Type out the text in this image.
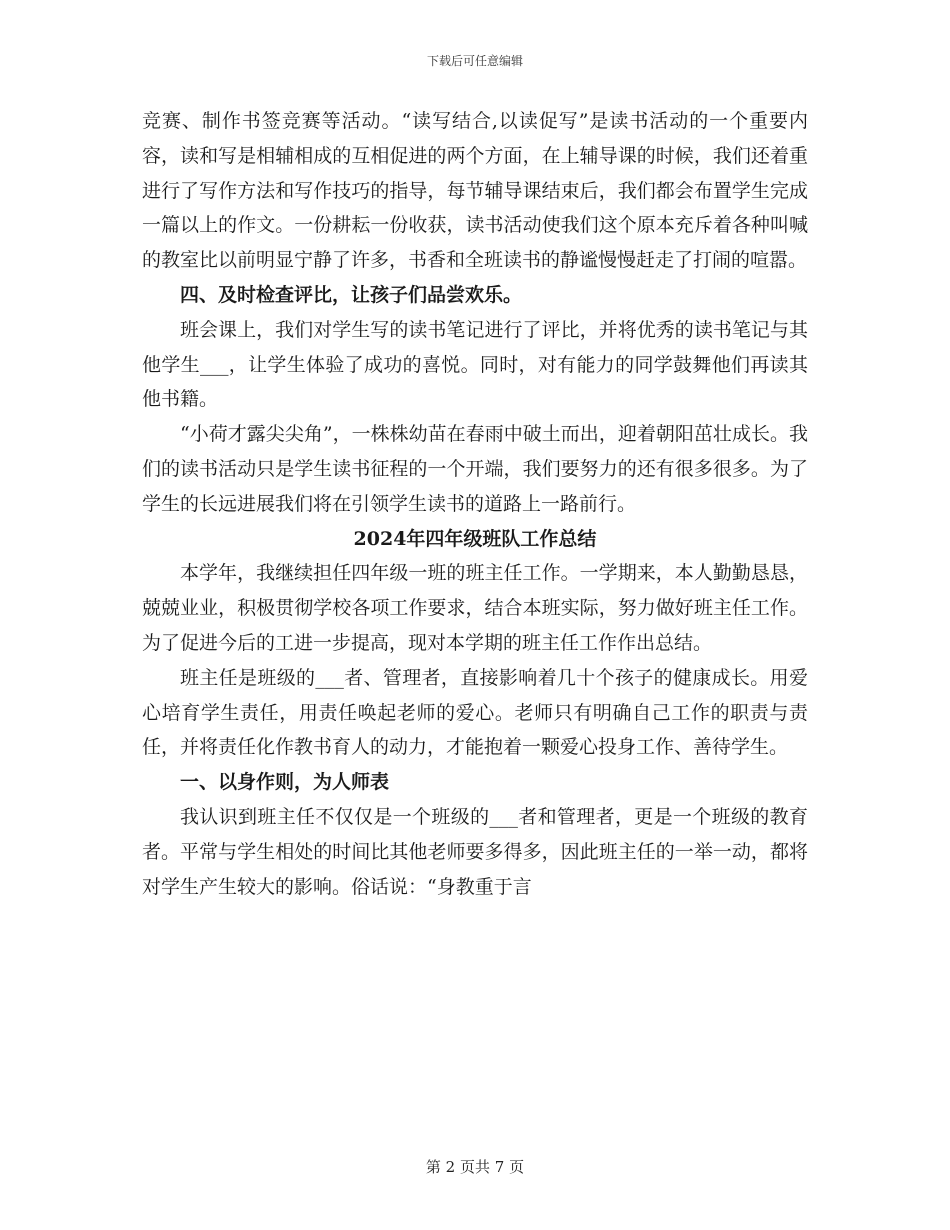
下载后可任意编辑

竞赛、制作书签竞赛等活动。“读写结合,以读促写”是读书活动的一个重要内容，读和写是相辅相成的互相促进的两个方面，在上辅导课的时候，我们还着重进行了写作方法和写作技巧的指导，每节辅导课结束后，我们都会布置学生完成一篇以上的作文。一份耕耘一份收获，读书活动使我们这个原本充斥着各种叫喊的教室比以前明显宁静了许多，书香和全班读书的静谧慢慢赶走了打闹的喧嚣。

四、及时检查评比，让孩子们品尝欢乐。

班会课上，我们对学生写的读书笔记进行了评比，并将优秀的读书笔记与其他学生___，让学生体验了成功的喜悦。同时，对有能力的同学鼓舞他们再读其他书籍。

“小荷才露尖尖角”，一株株幼苗在春雨中破土而出，迎着朝阳茁壮成长。我们的读书活动只是学生读书征程的一个开端，我们要努力的还有很多很多。为了学生的长远进展我们将在引领学生读书的道路上一路前行。

2024年四年级班队工作总结

本学年，我继续担任四年级一班的班主任工作。一学期来，本人勤勤恳恳，兢兢业业，积极贯彻学校各项工作要求，结合本班实际，努力做好班主任工作。为了促进今后的工进一步提高，现对本学期的班主任工作作出总结。

班主任是班级的___者、管理者，直接影响着几十个孩子的健康成长。用爱心培育学生责任，用责任唤起老师的爱心。老师只有明确自己工作的职责与责任，并将责任化作教书育人的动力，才能抱着一颗爱心投身工作、善待学生。

一、以身作则，为人师表

我认识到班主任不仅仅是一个班级的___者和管理者，更是一个班级的教育者。平常与学生相处的时间比其他老师要多得多，因此班主任的一举一动，都将对学生产生较大的影响。俗话说：“身教重于言

第 2 页共 7 页
